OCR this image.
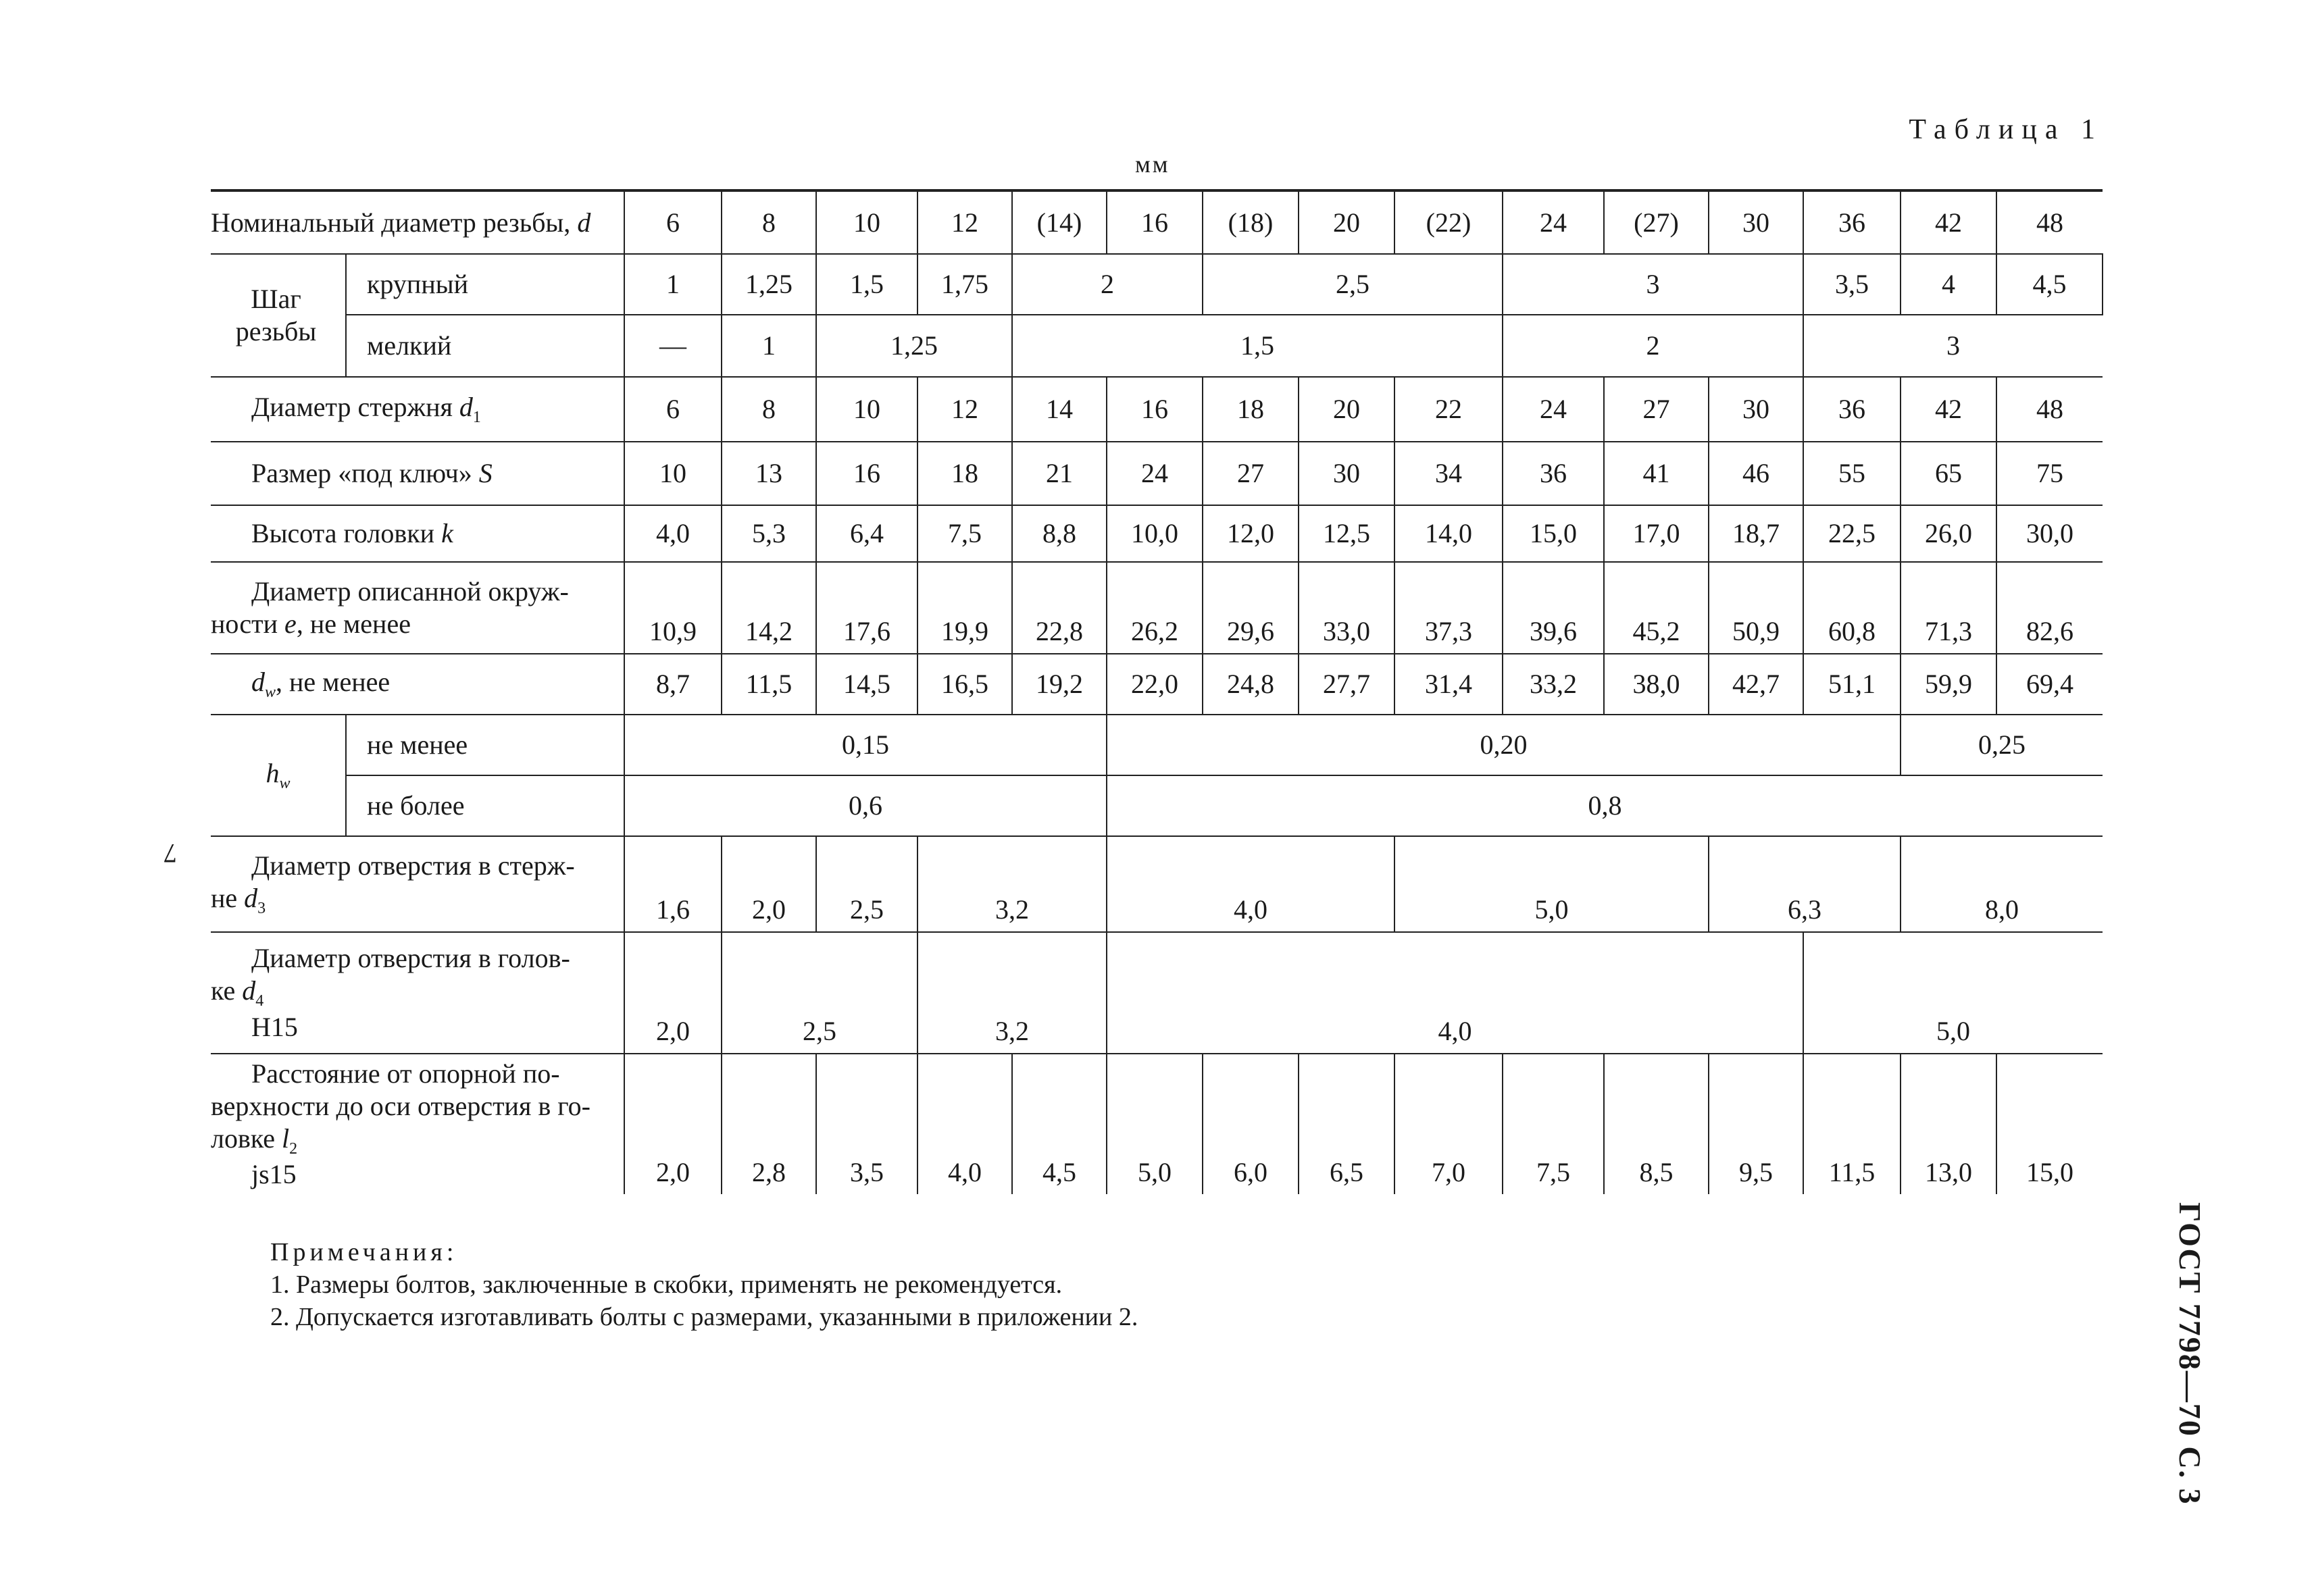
Таблица 1
мм
Номинальный диаметр резьбы, d		6	8	10	12	(14)	16	(18)	20	(22)	24	(27)	30	36	42	48	
Шаг резьбы	крупный	1	1,25	1,5	1,75	2		2,5			3			3,5	4	4,5	
	мелкий	—	1	1,25		1,5					2			3			
Диаметр стержня $d_1$		6	8	10	12	14	16	18	20	22	24	27	30	36	42	48	
Размер «под ключ» S		10	13	16	18	21	24	27	30	34	36	41	46	55	65	75	
Высота головки k		4,0	5,3	6,4	7,5	8,8	10,0	12,0	12,5	14,0	15,0	17,0	18,7	22,5	26,0	30,0	

Диаметр описанной окруж-
ности e, не менее		10,9	14,2	17,6	19,9	22,8	26,2	29,6	33,0	37,3	39,6	45,2	50,9	60,8	71,3	82,6	
$d_w$, не менее		8,7	11,5	14,5	16,5	19,2	22,0	24,8	27,7	31,4	33,2	38,0	42,7	51,1	59,9	69,4	
$h_w$	не менее	0,15					0,20								0,25		
	не более	0,6					0,8										

Диаметр отверстия в стерж-
не $d_3$		1,6	2,0	2,5	3,2		4,0			5,0			6,3		8,0		

Диаметр отверстия в голов-
ке $d_4$
H15		2,0	2,5		3,2		4,0							5,0			

Расстояние от опорной по-
верхности до оси отверстия в го-
ловке $l_2$
js15		2,0	2,8	3,5	4,0	4,5	5,0	6,0	6,5	7,0	7,5	8,5	9,5	11,5	13,0	15,0	
Примечания:
1. Размеры болтов, заключенные в скобки, применять не рекомендуется.
2. Допускается изготавливать болты с размерами, указанными в приложении 2.
7
ГОСТ 7798—70 С. 3
